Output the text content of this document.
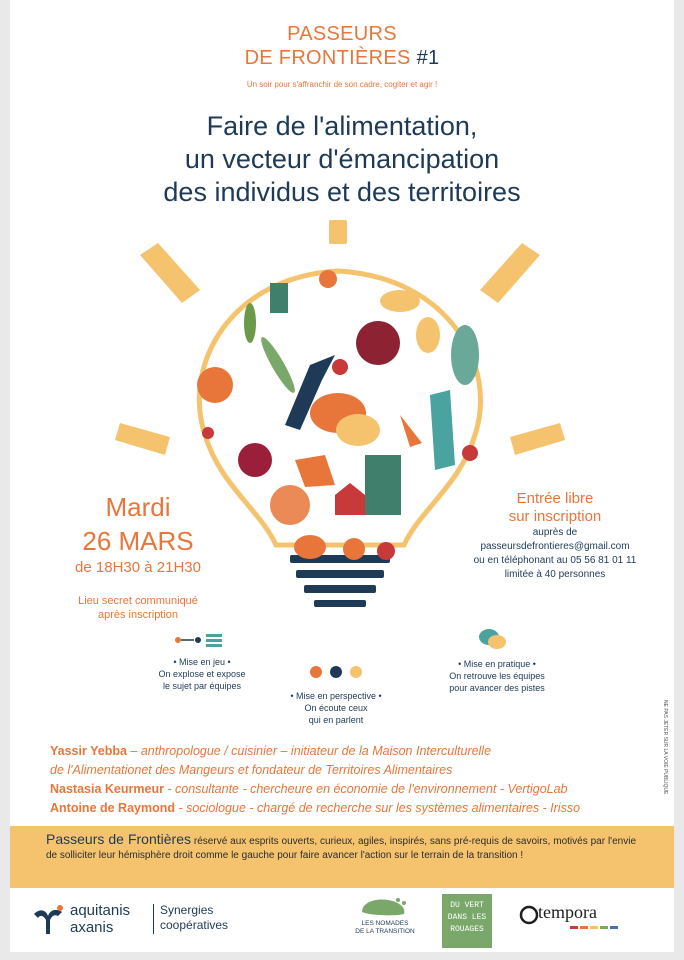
PASSEURS
DE FRONTIÈRES #1
Un soir pour s'affranchir de son cadre, cogiter et agir !
Faire de l'alimentation,
un vecteur d'émancipation
des individus et des territoires
Mardi
26 MARS
de 18H30 à 21H30
Lieu secret communiqué
après inscription
Entrée libre
sur inscription
auprès de
passeursdefrontieres@gmail.com
ou en téléphonant au 05 56 81 01 11
limitée à 40 personnes
• Mise en jeu •
On explose et expose
le sujet par équipes
• Mise en perspective •
On écoute ceux
qui en parlent
• Mise en pratique •
On retrouve les équipes
pour avancer des pistes
Yassir Yebba – anthropologue / cuisinier – initiateur de la Maison Interculturelle
de l'Alimentationet des Mangeurs et fondateur de Territoires Alimentaires
Nastasia Keurmeur - consultante - chercheure en économie de l'environnement - VertigoLab
Antoine de Raymond - sociologue - chargé de recherche sur les systèmes alimentaires - Irisso
Passeurs de Frontières réservé aux esprits ouverts, curieux, agiles, inspirés, sans pré-requis de savoirs, motivés par l'envie de solliciter leur hémisphère droit comme le gauche pour faire avancer l'action sur le terrain de la transition !
aquitanis
axanis
Synergies
coopératives	LES NOMADES
DE LA TRANSITION
DU VERT
DANS LES
ROUAGES
tempora
NE PAS JETER SUR LA VOIE PUBLIQUE
